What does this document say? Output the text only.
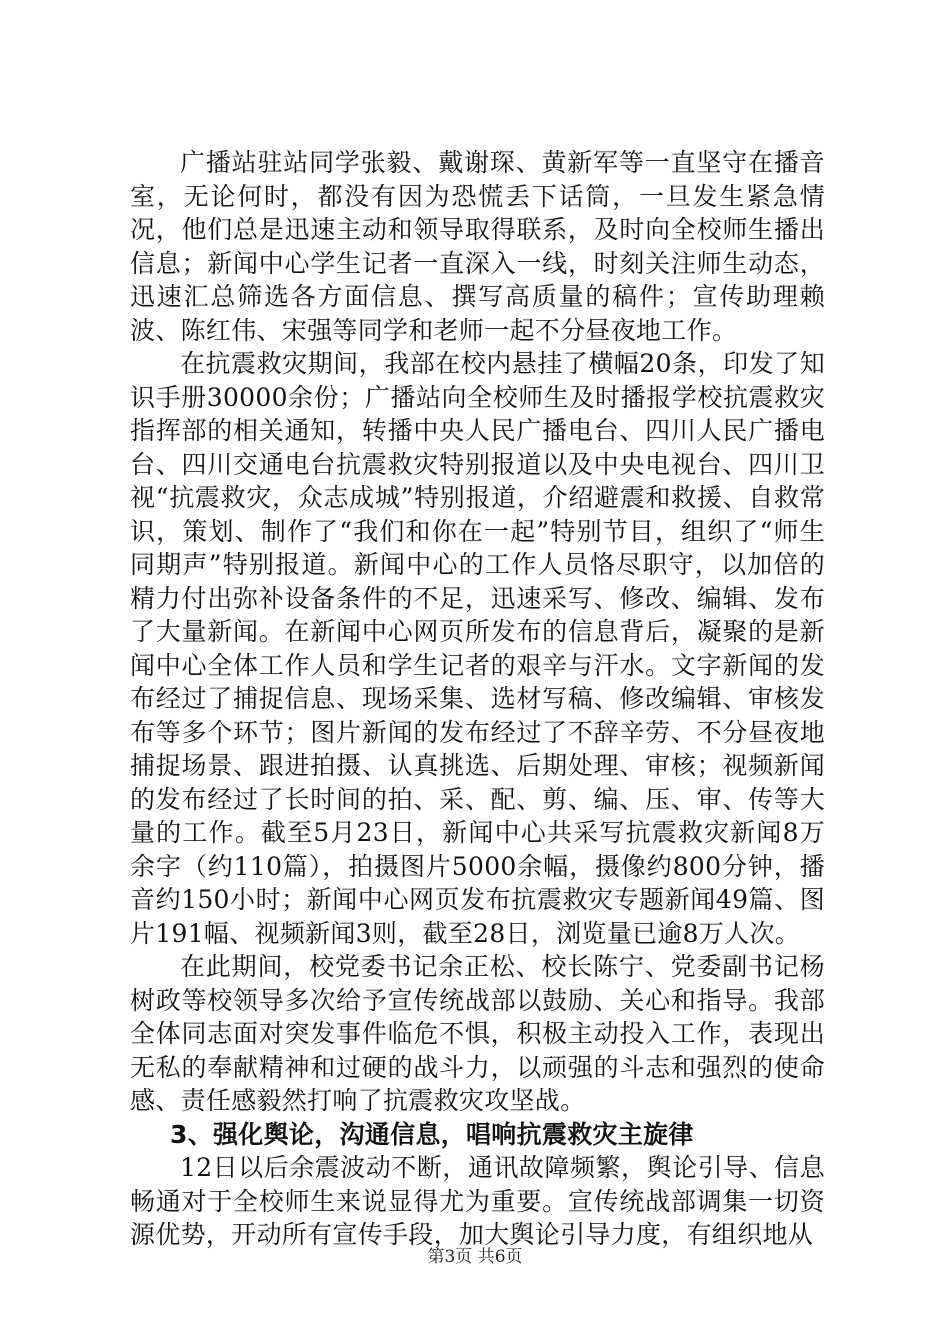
广播站驻站同学张毅、戴谢琛、黄新军等一直坚守在播音室，无论何时，都没有因为恐慌丢下话筒，一旦发生紧急情况，他们总是迅速主动和领导取得联系，及时向全校师生播出信息；新闻中心学生记者一直深入一线，时刻关注师生动态，迅速汇总筛选各方面信息、撰写高质量的稿件；宣传助理赖波、陈红伟、宋强等同学和老师一起不分昼夜地工作。

在抗震救灾期间，我部在校内悬挂了横幅20条，印发了知识手册30000余份；广播站向全校师生及时播报学校抗震救灾指挥部的相关通知，转播中央人民广播电台、四川人民广播电台、四川交通电台抗震救灾特别报道以及中央电视台、四川卫视“抗震救灾，众志成城”特别报道，介绍避震和救援、自救常识，策划、制作了“我们和你在一起”特别节目，组织了“师生同期声”特别报道。新闻中心的工作人员恪尽职守，以加倍的精力付出弥补设备条件的不足，迅速采写、修改、编辑、发布了大量新闻。在新闻中心网页所发布的信息背后，凝聚的是新闻中心全体工作人员和学生记者的艰辛与汗水。文字新闻的发布经过了捕捉信息、现场采集、选材写稿、修改编辑、审核发布等多个环节；图片新闻的发布经过了不辞辛劳、不分昼夜地捕捉场景、跟进拍摄、认真挑选、后期处理、审核；视频新闻的发布经过了长时间的拍、采、配、剪、编、压、审、传等大量的工作。截至5月23日，新闻中心共采写抗震救灾新闻8万余字（约110篇），拍摄图片5000余幅，摄像约800分钟，播音约150小时；新闻中心网页发布抗震救灾专题新闻49篇、图片191幅、视频新闻3则，截至28日，浏览量已逾8万人次。

在此期间，校党委书记余正松、校长陈宁、党委副书记杨树政等校领导多次给予宣传统战部以鼓励、关心和指导。我部全体同志面对突发事件临危不惧，积极主动投入工作，表现出无私的奉献精神和过硬的战斗力，以顽强的斗志和强烈的使命感、责任感毅然打响了抗震救灾攻坚战。

3、强化舆论，沟通信息，唱响抗震救灾主旋律

12日以后余震波动不断，通讯故障频繁，舆论引导、信息畅通对于全校师生来说显得尤为重要。宣传统战部调集一切资源优势，开动所有宣传手段，加大舆论引导力度，有组织地从

第3页 共6页
